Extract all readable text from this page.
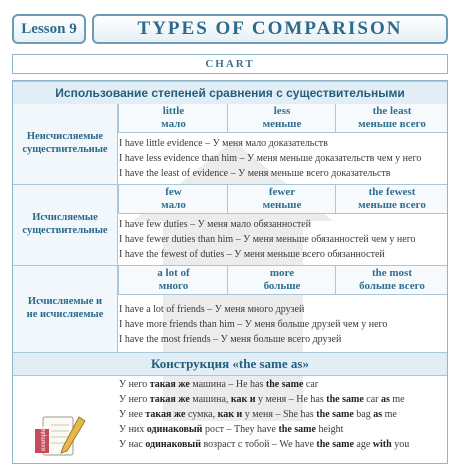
Lesson 9	TYPES OF COMPARISON
CHART
Использование степеней сравнения с существительными
Неисчисляемые
существительные
little
мало
less
меньше
the least
меньше всего
I have little evidence – У меня мало доказательств
I have less evidence than him – У меня меньше доказательств чем у него
I have the least of evidence – У меня меньше всего доказательств
Исчисляемые
существительные
few
мало
fewer
меньше
the fewest
меньше всего
I have few duties – У меня мало обязанностей
I have fewer duties than him – У меня меньше обязанностей чем у него
I have the fewest of duties – У меня меньше всего обязанностей
Исчисляемые и
не исчисляемые
a lot of
много
more
больше
the most
больше всего
I have a lot of friends – У меня много друзей
I have more friends than him – У меня больше друзей чем у него
I have the most friends – У меня больше всего друзей
Конструкция «the same as»
examples
У него такая же машина – He has the same car
У него такая же машина, как и у меня – He has the same car as me
У нее такая же сумка, как и у меня – She has the same bag as me
У них одинаковый рост – They have the same height
У нас одинаковый возраст с тобой – We have the same age with you
